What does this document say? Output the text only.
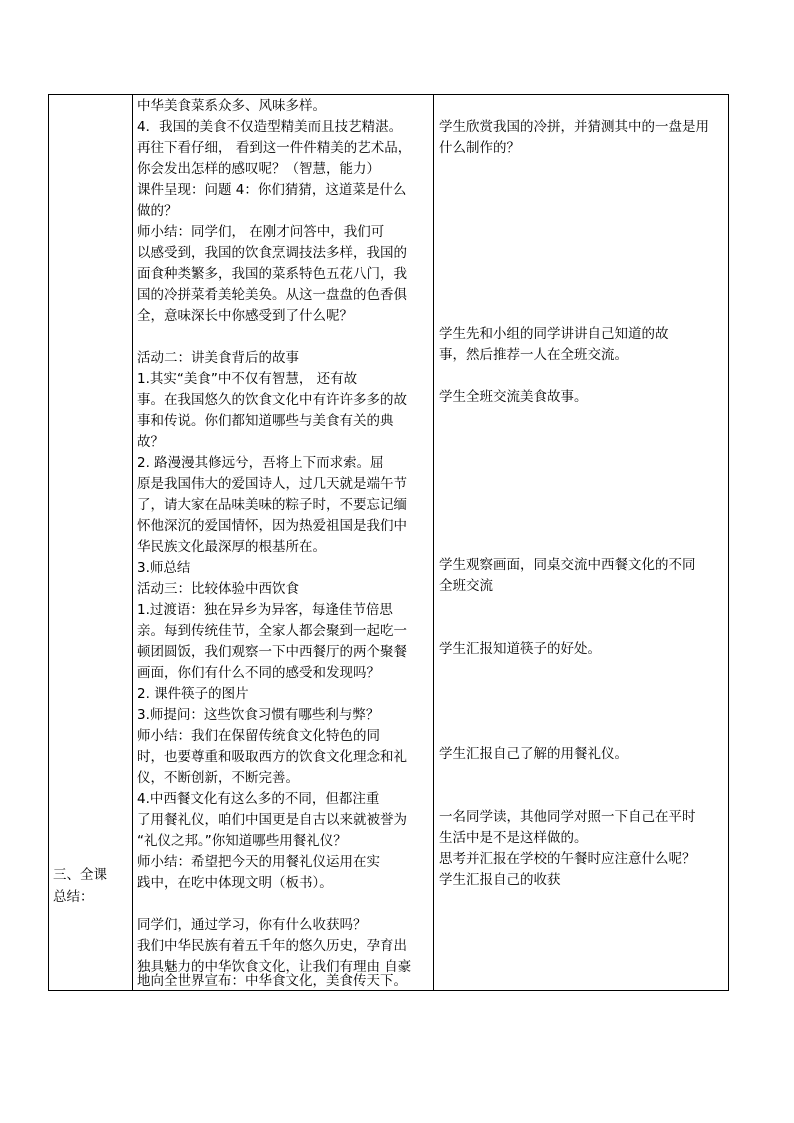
三、全课
总结：
中华美食菜系众多、风味多样。
4．我国的美食不仅造型精美而且技艺精湛。
再往下看仔细， 看到这一件件精美的艺术品，
你会发出怎样的感叹呢？（智慧，能力）
课件呈现：问题 4：你们猜猜，这道菜是什么
做的？
师小结：同学们， 在刚才问答中，我们可
以感受到，我国的饮食烹调技法多样，我国的
面食种类繁多，我国的菜系特色五花八门，我
国的冷拼菜肴美轮美奂。从这一盘盘的色香俱
全，意味深长中你感受到了什么呢？
活动二：讲美食背后的故事
1.其实“美食”中不仅有智慧， 还有故
事。在我国悠久的饮食文化中有许许多多的故
事和传说。你们都知道哪些与美食有关的典
故？
2. 路漫漫其修远兮，吾将上下而求索。屈
原是我国伟大的爱国诗人，过几天就是端午节
了，请大家在品味美味的粽子时，不要忘记缅
怀他深沉的爱国情怀，因为热爱祖国是我们中
华民族文化最深厚的根基所在。
3.师总结
活动三：比较体验中西饮食
1.过渡语：独在异乡为异客，每逢佳节倍思
亲。每到传统佳节，全家人都会聚到一起吃一
顿团圆饭，我们观察一下中西餐厅的两个聚餐
画面，你们有什么不同的感受和发现吗？
2. 课件筷子的图片
3.师提问：这些饮食习惯有哪些利与弊？
师小结：我们在保留传统食文化特色的同
时，也要尊重和吸取西方的饮食文化理念和礼
仪，不断创新，不断完善。
4.中西餐文化有这么多的不同，但都注重
了用餐礼仪，咱们中国更是自古以来就被誉为
“礼仪之邦。”你知道哪些用餐礼仪？
师小结：希望把今天的用餐礼仪运用在实
践中，在吃中体现文明（板书）。
同学们，通过学习，你有什么收获吗？
我们中华民族有着五千年的悠久历史，孕育出
独具魅力的中华饮食文化，让我们有理由 自豪
地向全世界宣布：中华食文化，美食传天下。
学生欣赏我国的冷拼，并猜测其中的一盘是用
什么制作的？
学生先和小组的同学讲讲自己知道的故
事，然后推荐一人在全班交流。
学生全班交流美食故事。
学生观察画面，同桌交流中西餐文化的不同
全班交流
学生汇报知道筷子的好处。
学生汇报自己了解的用餐礼仪。
一名同学读，其他同学对照一下自己在平时
生活中是不是这样做的。
思考并汇报在学校的午餐时应注意什么呢？
学生汇报自己的收获
